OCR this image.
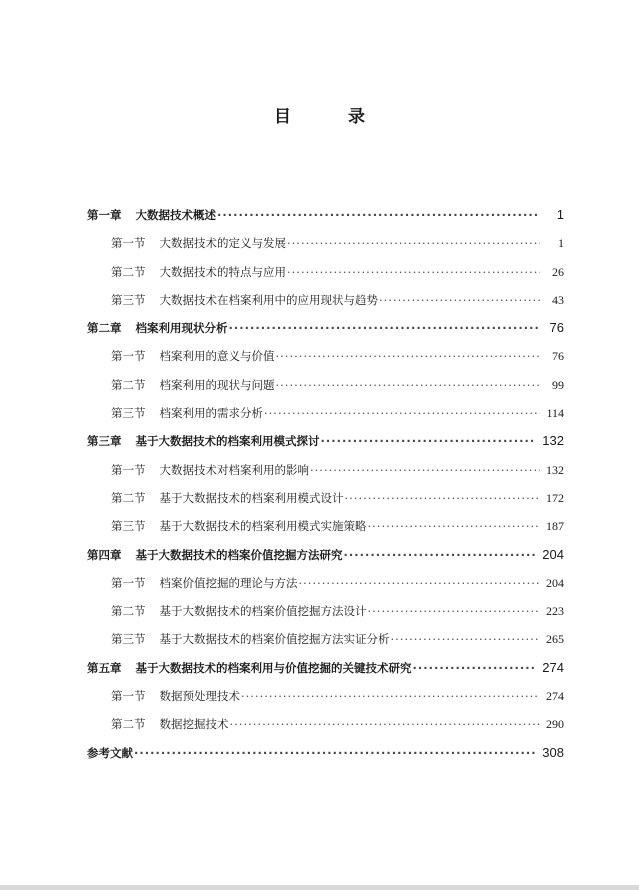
目　录
第一章 大数据技术概述 ·····	1
第一节 大数据技术的定义与发展 ·····	1
第二节 大数据技术的特点与应用 ·····	26
第三节 大数据技术在档案利用中的应用现状与趋势 ·····	43
第二章 档案利用现状分析 ·····	76
第一节 档案利用的意义与价值 ·····	76
第二节 档案利用的现状与问题 ·····	99
第三节 档案利用的需求分析 ·····	114
第三章 基于大数据技术的档案利用模式探讨 ·····	132
第一节 大数据技术对档案利用的影响 ·····	132
第二节 基于大数据技术的档案利用模式设计 ·····	172
第三节 基于大数据技术的档案利用模式实施策略 ·····	187
第四章 基于大数据技术的档案价值挖掘方法研究 ·····	204
第一节 档案价值挖掘的理论与方法 ·····	204
第二节 基于大数据技术的档案价值挖掘方法设计 ·····	223
第三节 基于大数据技术的档案价值挖掘方法实证分析 ·····	265
第五章 基于大数据技术的档案利用与价值挖掘的关键技术研究 ·····	274
第一节 数据预处理技术 ·····	274
第二节 数据挖掘技术 ·····	290
参考文献 ·····	308
